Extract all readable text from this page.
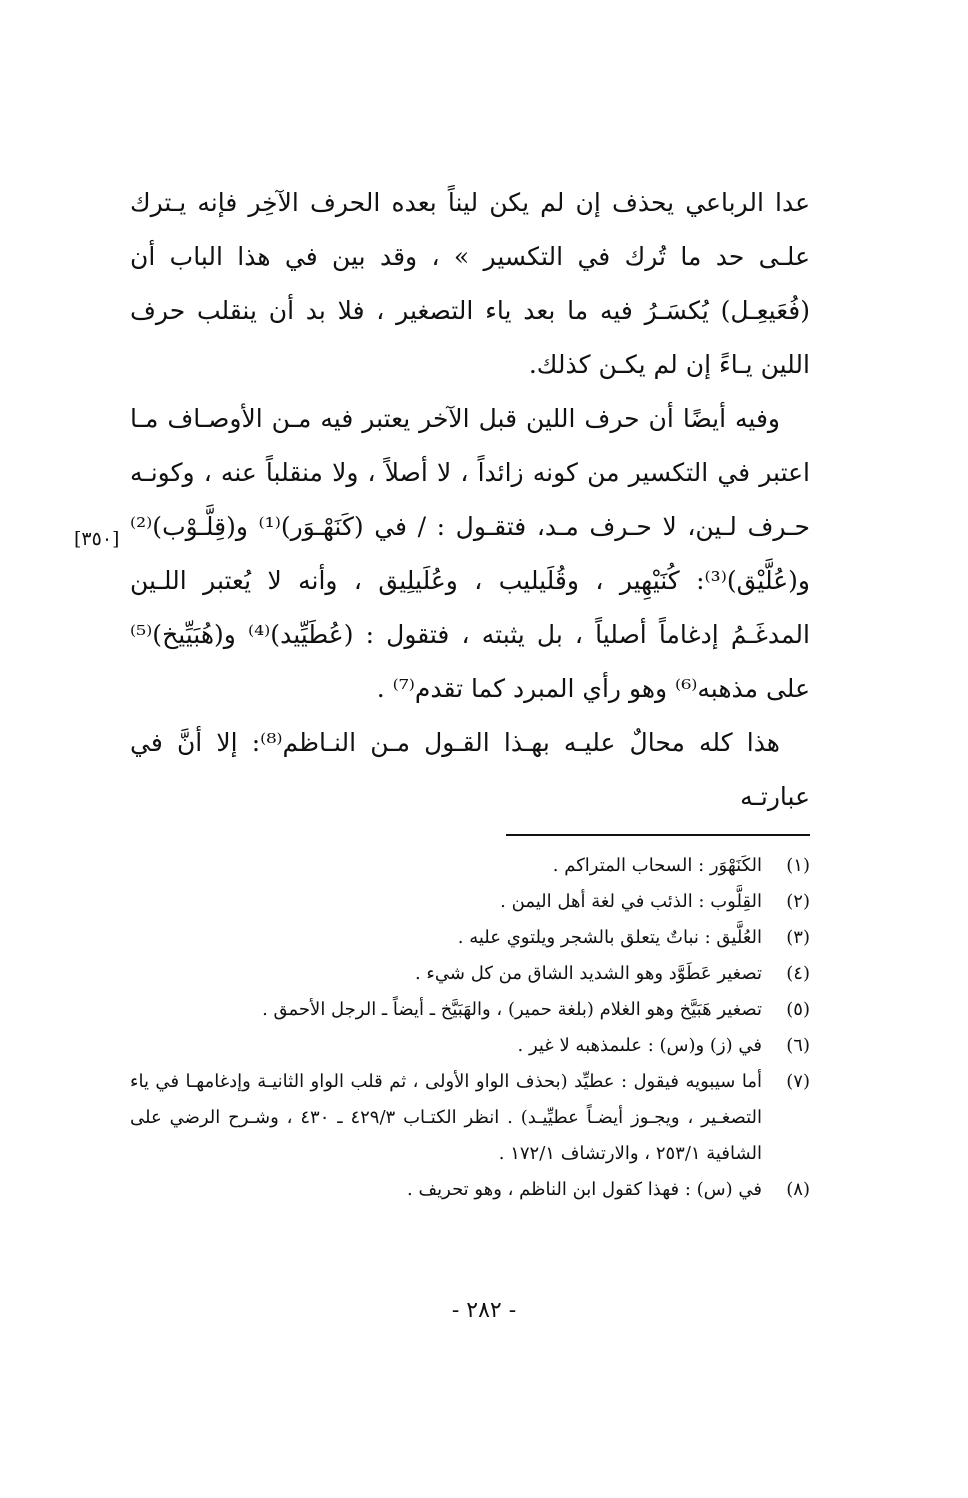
عدا الرباعي يحذف إن لم يكن ليناً بعده الحرف الآخِر فإنه يـترك علـى حد ما تُرك في التكسير » ، وقد بين في هذا الباب أن (فُعَيعِـل) يُكسَـرُ فيه ما بعد ياء التصغير ، فلا بد أن ينقلب حرف اللين يـاءً إن لم يكـن كذلك.

وفيه أيضًا أن حرف اللين قبل الآخر يعتبر فيه مـن الأوصـاف مـا اعتبر في التكسير من كونه زائداً ، لا أصلاً ، ولا منقلباً عنه ، وكونـه حـرف لـين، لا حـرف مـد، فتقـول : / في (كَنَهْـوَر)⁽¹⁾ و(قِلَّـوْب)⁽²⁾ و(عُلَّيْق)⁽³⁾: كُنَيْهِير ، وقُلَيليب ، وعُلَيلِيق ، وأنه لا يُعتبر اللـين المدغَـمُ إدغاماً أصلياً ، بل يثبته ، فتقول : (عُطَيِّيد)⁽⁴⁾ و(هُبَيِّيخ)⁽⁵⁾ على مذهبه⁽⁶⁾ وهو رأي المبرد كما تقدم⁽⁷⁾ .

هذا كله محالٌ عليـه بهـذا القـول مـن النـاظم⁽⁸⁾: إلا أنَّ في عبارتـه

[٣٥٠]
(١)
الكَنَهْوَر : السحاب المتراكم .
(٢)
القِلَّوب : الذئب في لغة أهل اليمن .
(٣)
العُلَّيق : نباتٌ يتعلق بالشجر ويلتوي عليه .
(٤)
تصغير عَطَوَّد وهو الشديد الشاق من كل شيء .
(٥)
تصغير هَبَيَّخ وهو الغلام (بلغة حمير) ، والهَبَيَّخ ـ أيضاً ـ الرجل الأحمق .
(٦)
في (ز) و(س) : علىمذهبه لا غير .
(٧)
أما سيبويه فيقول : عطيِّد (بحذف الواو الأولى ، ثم قلب الواو الثانيـة وإدغامهـا في ياء التصغـير ، ويجـوز أيضـاً عطيِّيـد) . انظر الكتـاب ٤٢٩/٣ ـ ٤٣٠ ، وشـرح الرضي على الشافية ٢٥٣/١ ، والارتشاف ١٧٢/١ .
(٨)
في (س) : فهذا كقول ابن الناظم ، وهو تحريف .
- ٢٨٢ -
